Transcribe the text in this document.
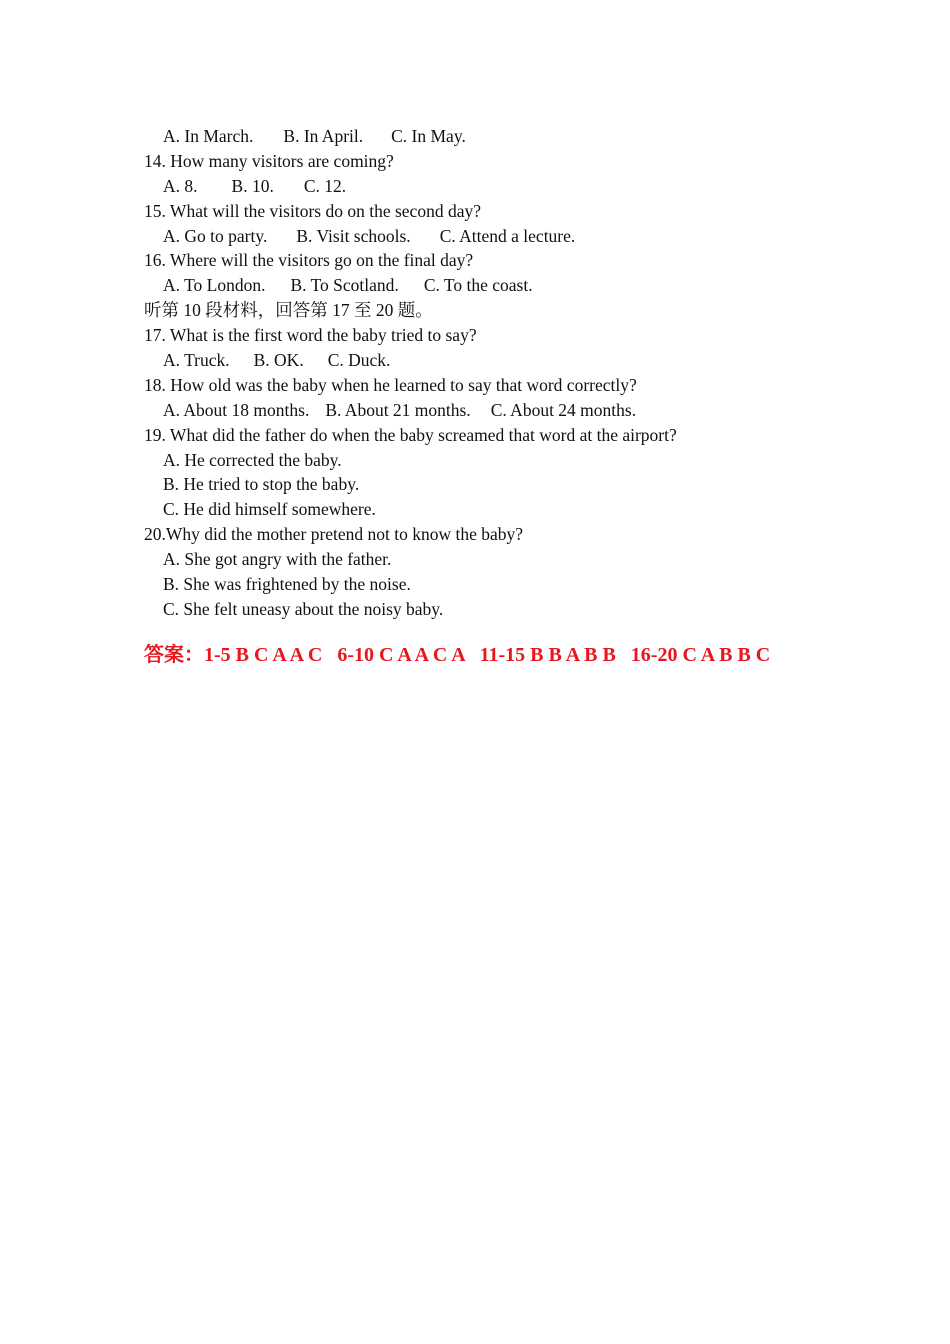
A. In March. B. In April. C. In May.
14. How many visitors are coming?
A. 8. B. 10. C. 12.
15. What will the visitors do on the second day?
A. Go to party. B. Visit schools. C. Attend a lecture.
16. Where will the visitors go on the final day?
A. To London. B. To Scotland. C. To the coast.
听第 10 段材料，回答第 17 至 20 题。
17. What is the first word the baby tried to say?
A. Truck. B. OK. C. Duck.
18. How old was the baby when he learned to say that word correctly?
A. About 18 months. B. About 21 months. C. About 24 months.
19. What did the father do when the baby screamed that word at the airport?
A. He corrected the baby.
B. He tried to stop the baby.
C. He did himself somewhere.
20.Why did the mother pretend not to know the baby?
A. She got angry with the father.
B. She was frightened by the noise.
C. She felt uneasy about the noisy baby.
答案：1-5 B C A A C 6-10 C A A C A 11-15 B B A B B 16-20 C A B B C
